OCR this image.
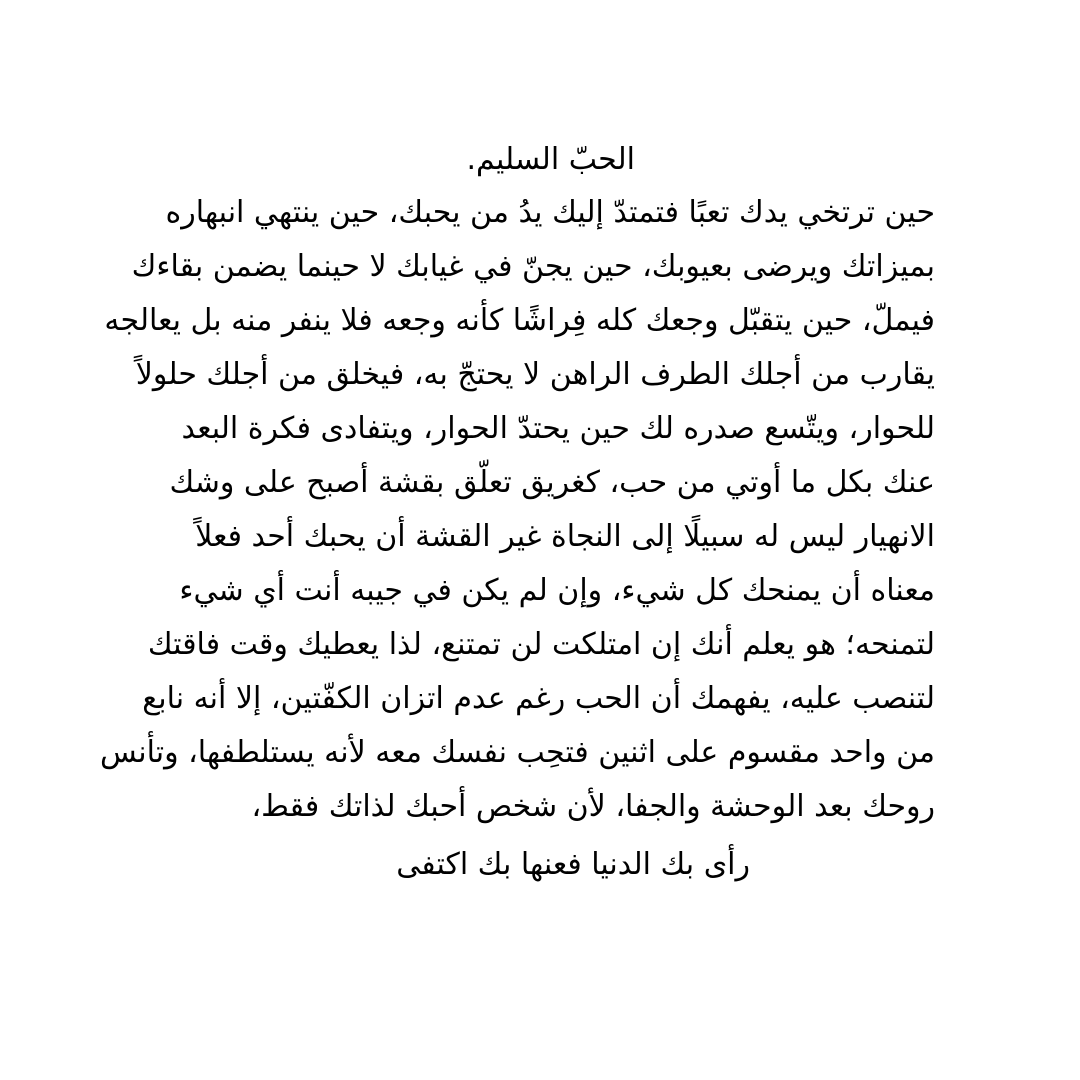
الحبّ السليم.
حين ترتخي يدك تعبًا فتمتدّ إليك يدُ من يحبك، حين ينتهي انبهاره
بميزاتك ويرضى بعيوبك، حين يجنّ في غيابك لا حينما يضمن بقاءك
فيملّ، حين يتقبّل وجعك كله فِراشًا كأنه وجعه فلا ينفر منه بل يعالجه
يقارب من أجلك الطرف الراهن لا يحتجّ به، فيخلق من أجلك حلولاً
للحوار، ويتّسع صدره لك حين يحتدّ الحوار، ويتفادى فكرة البعد
عنك بكل ما أوتي من حب، كغريق تعلّق بقشة أصبح على وشك
الانهيار ليس له سبيلًا إلى النجاة غير القشة أن يحبك أحد فعلاً
معناه أن يمنحك كل شيء، وإن لم يكن في جيبه أنت أي شيء
لتمنحه؛ هو يعلم أنك إن امتلكت لن تمتنع، لذا يعطيك وقت فاقتك
لتنصب عليه، يفهمك أن الحب رغم عدم اتزان الكفّتين، إلا أنه نابع
من واحد مقسوم على اثنين فتحِب نفسك معه لأنه يستلطفها، وتأنس
روحك بعد الوحشة والجفا، لأن شخص أحبك لذاتك فقط،
رأى بك الدنيا فعنها بك اكتفى
